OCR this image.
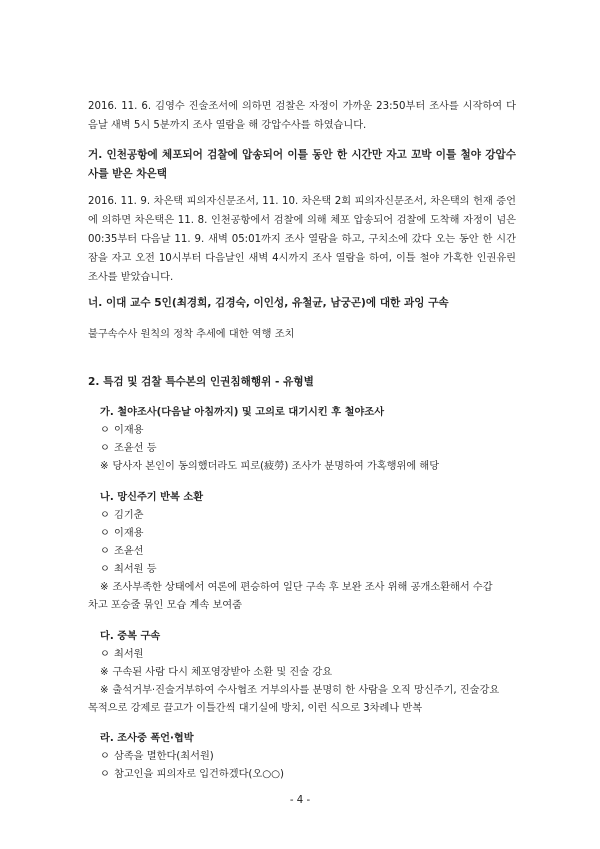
2016. 11. 6. 김영수 진술조서에 의하면 검찰은 자정이 가까운 23:50부터 조사를 시작하여 다음날 새벽 5시 5분까지 조사 열람을 해 강압수사를 하였습니다.

거. 인천공항에 체포되어 검찰에 압송되어 이틀 동안 한 시간만 자고 꼬박 이틀 철야 강압수사를 받은 차은택

2016. 11. 9. 차은택 피의자신문조서, 11. 10. 차은택 2회 피의자신문조서, 차은택의 헌재 증언에 의하면 차은택은 11. 8. 인천공항에서 검찰에 의해 체포 압송되어 검찰에 도착해 자정이 넘은 00:35부터 다음날 11. 9. 새벽 05:01까지 조사 열람을 하고, 구치소에 갔다 오는 동안 한 시간 잠을 자고 오전 10시부터 다음날인 새벽 4시까지 조사 열람을 하여, 이틀 철야 가혹한 인권유린 조사를 받았습니다.

너. 이대 교수 5인(최경희, 김경숙, 이인성, 유철균, 남궁곤)에 대한 과잉 구속

불구속수사 원칙의 정착 추세에 대한 역행 조치

2. 특검 및 검찰 특수본의 인권침해행위 - 유형별

가. 철야조사(다음날 아침까지) 및 고의로 대기시킨 후 철야조사

ㅇ 이재용

ㅇ 조윤선 등

※ 당사자 본인이 동의했더라도 피로(疲勞) 조사가 분명하여 가혹행위에 해당

나. 망신주기 반복 소환

ㅇ 김기춘

ㅇ 이재용

ㅇ 조윤선

ㅇ 최서원 등

※ 조사부족한 상태에서 여론에 편승하여 일단 구속 후 보완 조사 위해 공개소환해서 수갑

차고 포승줄 묶인 모습 계속 보여줌

다. 중복 구속

ㅇ 최서원

※ 구속된 사람 다시 체포영장받아 소환 및 진술 강요

※ 출석거부·진술거부하여 수사협조 거부의사를 분명히 한 사람을 오직 망신주기, 진술강요

목적으로 강제로 끌고가 이틀간씩 대기실에 방치, 이런 식으로 3차례나 반복

라. 조사중 폭언·협박

ㅇ 삼족을 멸한다(최서원)

ㅇ 참고인을 피의자로 입건하겠다(오○○)

- 4 -
